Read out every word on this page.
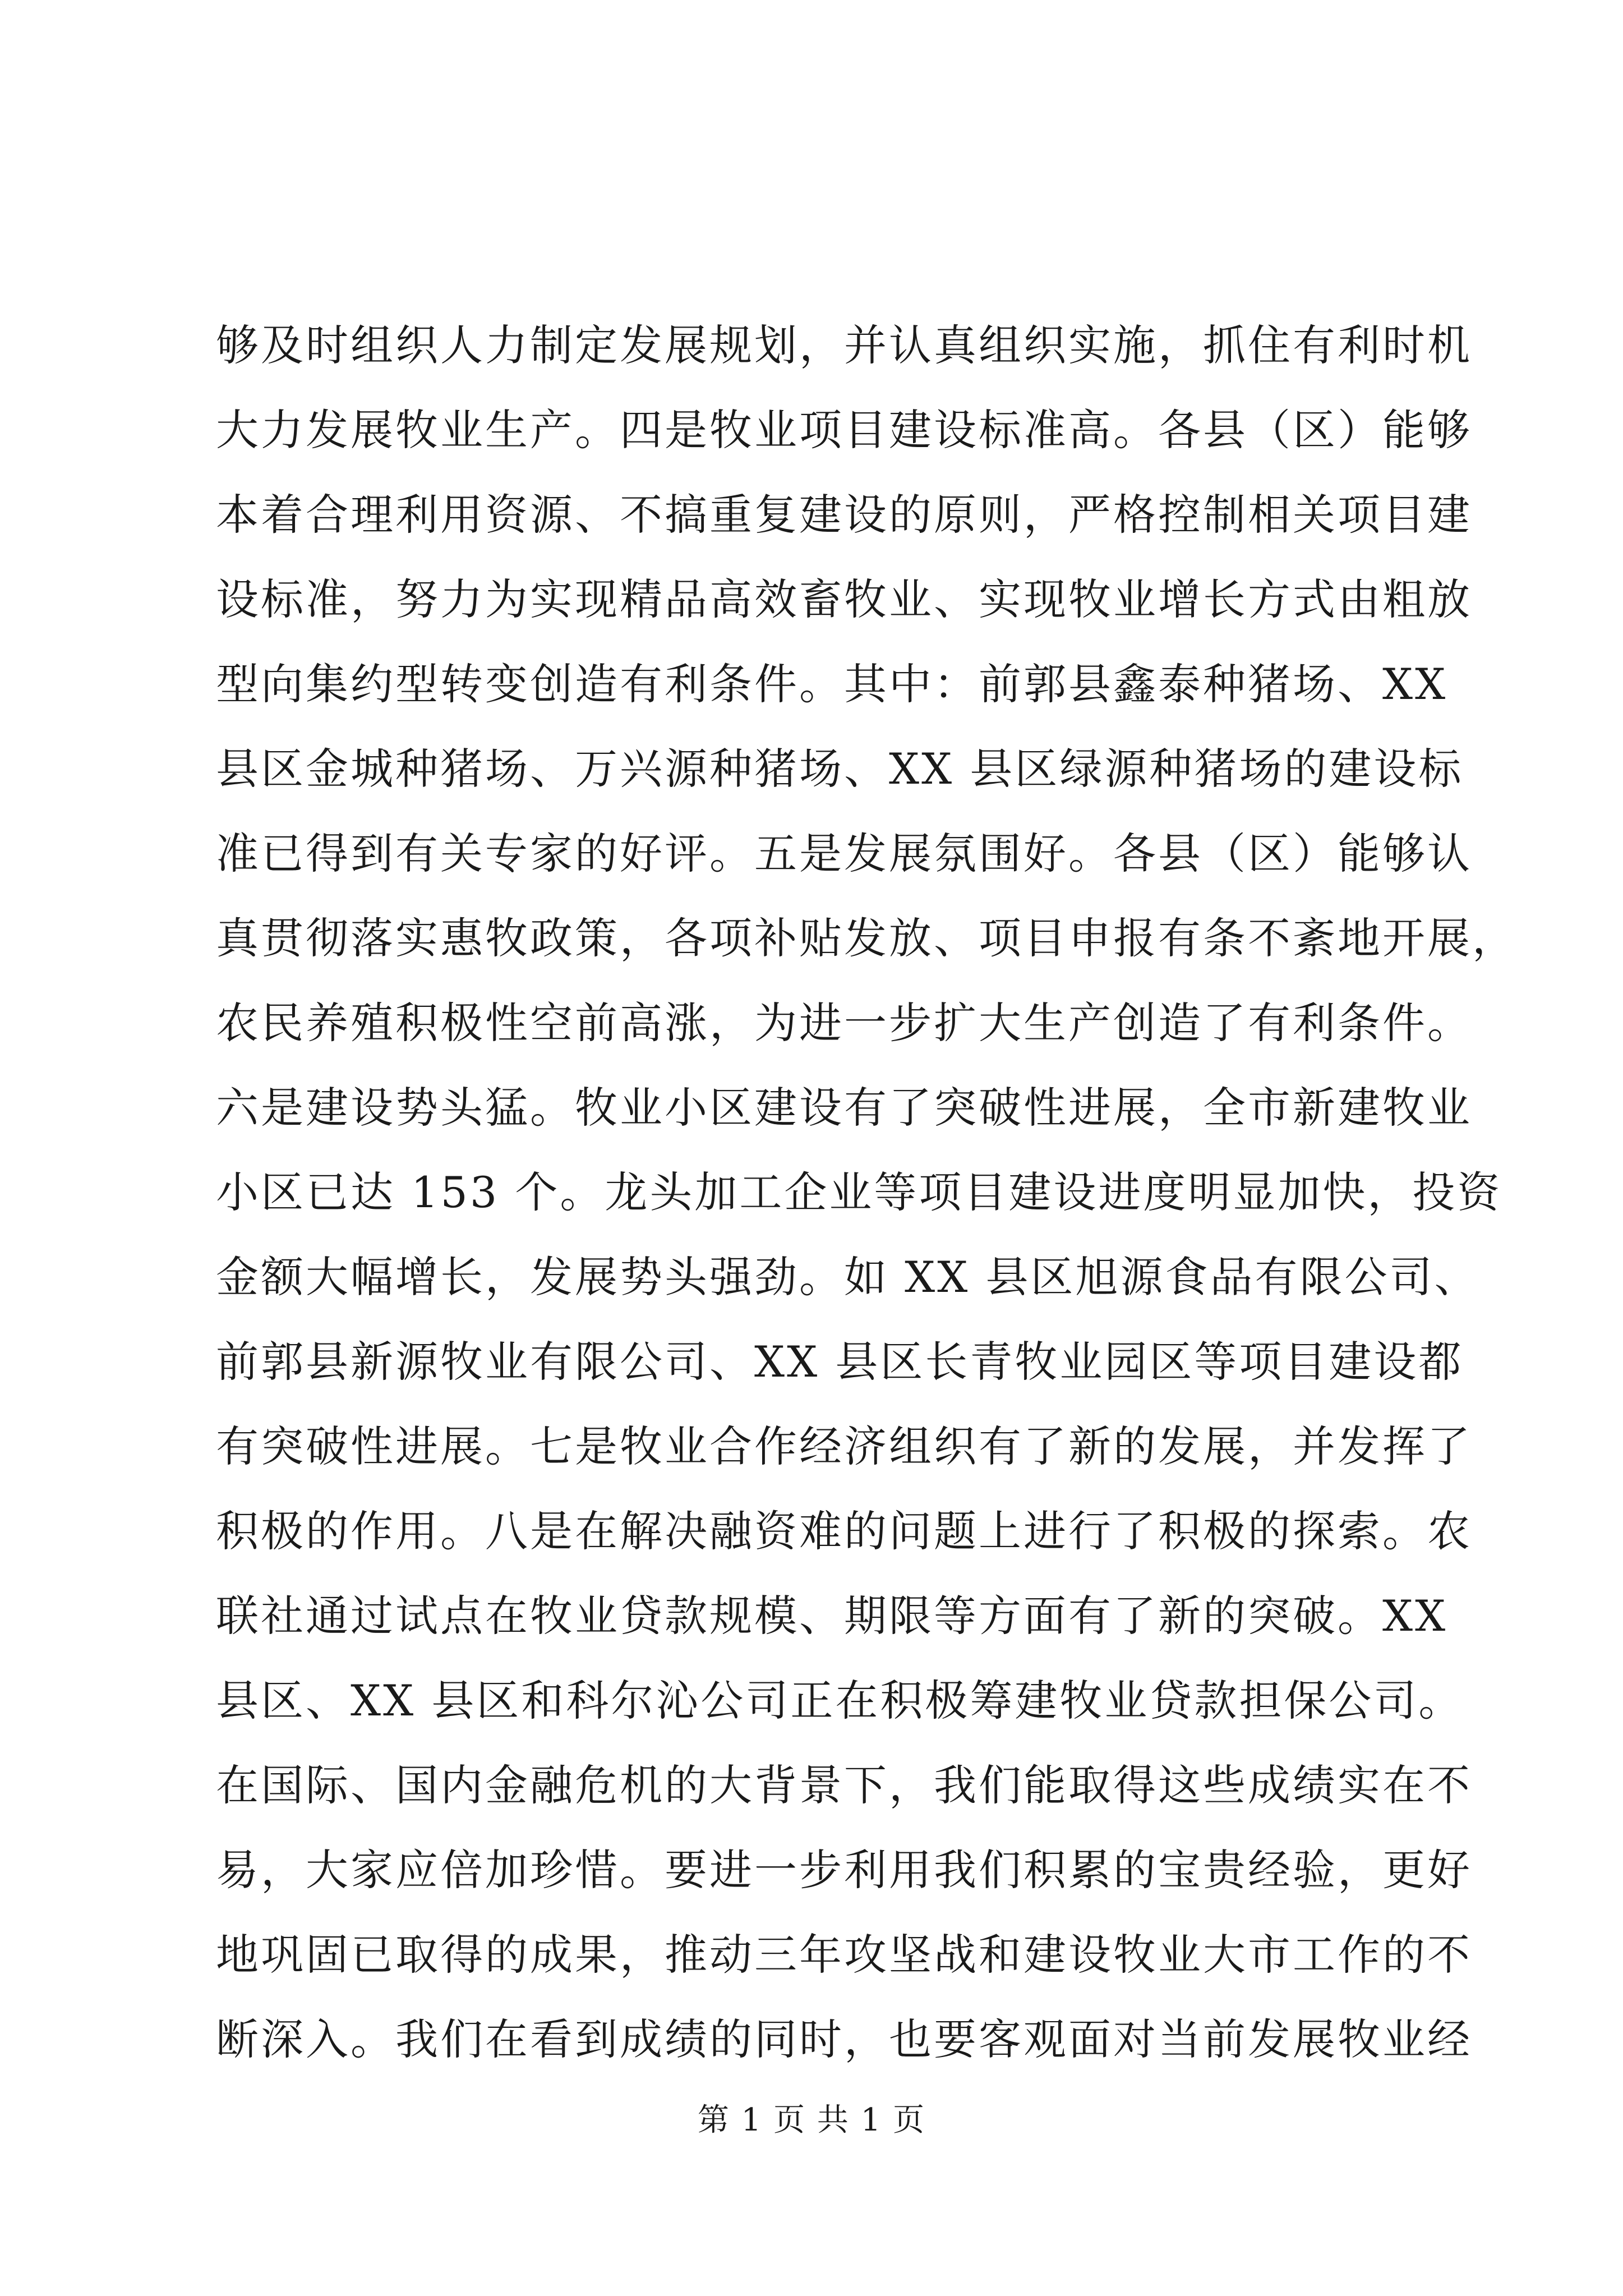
够及时组织人力制定发展规划，并认真组织实施，抓住有利时机
大力发展牧业生产。四是牧业项目建设标准高。各县（区）能够
本着合理利用资源、不搞重复建设的原则，严格控制相关项目建
设标准，努力为实现精品高效畜牧业、实现牧业增长方式由粗放
型向集约型转变创造有利条件。其中：前郭县鑫泰种猪场、XX
县区金城种猪场、万兴源种猪场、XX 县区绿源种猪场的建设标
准已得到有关专家的好评。五是发展氛围好。各县（区）能够认
真贯彻落实惠牧政策，各项补贴发放、项目申报有条不紊地开展，
农民养殖积极性空前高涨，为进一步扩大生产创造了有利条件。
六是建设势头猛。牧业小区建设有了突破性进展，全市新建牧业
小区已达 153 个。龙头加工企业等项目建设进度明显加快，投资
金额大幅增长，发展势头强劲。如 XX 县区旭源食品有限公司、
前郭县新源牧业有限公司、XX 县区长青牧业园区等项目建设都
有突破性进展。七是牧业合作经济组织有了新的发展，并发挥了
积极的作用。八是在解决融资难的问题上进行了积极的探索。农
联社通过试点在牧业贷款规模、期限等方面有了新的突破。XX
县区、XX 县区和科尔沁公司正在积极筹建牧业贷款担保公司。
在国际、国内金融危机的大背景下，我们能取得这些成绩实在不
易，大家应倍加珍惜。要进一步利用我们积累的宝贵经验，更好
地巩固已取得的成果，推动三年攻坚战和建设牧业大市工作的不
断深入。我们在看到成绩的同时，也要客观面对当前发展牧业经
第 1 页 共 1 页
